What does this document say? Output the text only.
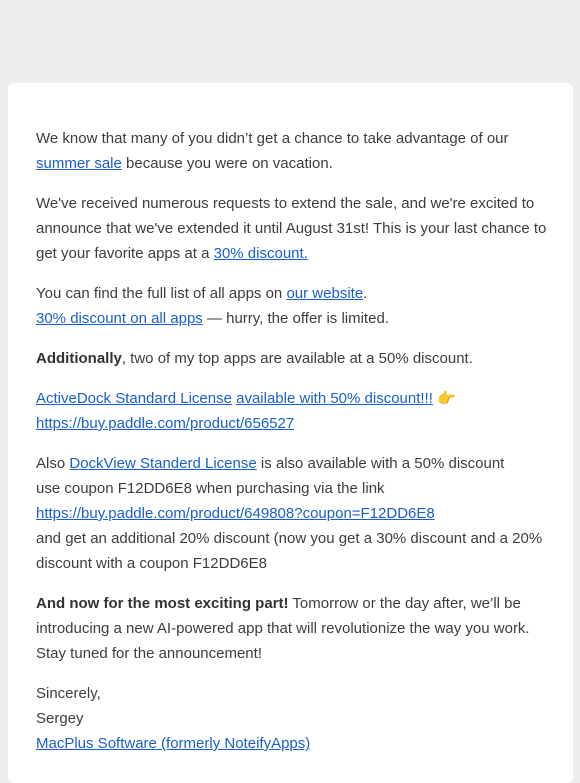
We know that many of you didn’t get a chance to take advantage of our
summer sale because you were on vacation.

We've received numerous requests to extend the sale, and we're excited to announce that we've extended it until August 31st! This is your last chance to get your favorite apps at a 30% discount.

You can find the full list of all apps on our website.
30% discount on all apps — hurry, the offer is limited.

Additionally, two of my top apps are available at a 50% discount.

ActiveDock Standard License available with 50% discount!!! 👉
https://buy.paddle.com/product/656527

Also DockView Standerd License is also available with a 50% discount
use coupon F12DD6E8 when purchasing via the link
https://buy.paddle.com/product/649808?coupon=F12DD6E8
and get an additional 20% discount (now you get a 30% discount and a 20% discount with a coupon F12DD6E8

And now for the most exciting part! Tomorrow or the day after, we’ll be introducing a new AI-powered app that will revolutionize the way you work. Stay tuned for the announcement!

Sincerely,
Sergey
MacPlus Software (formerly NoteifyApps)
